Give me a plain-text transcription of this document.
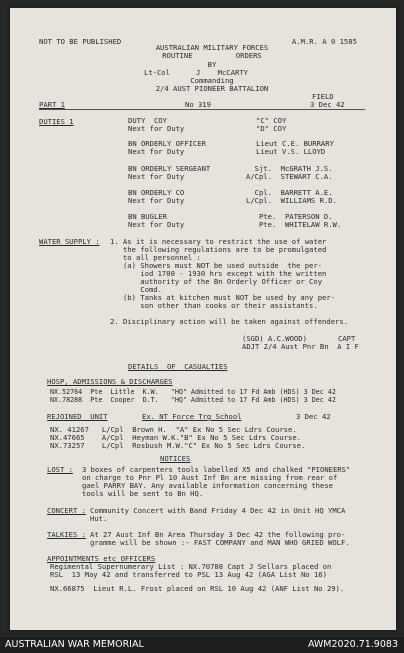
NOT TO BE PUBLISHED	A.M.R. A 0 1585
AUSTRALIAN MILITARY FORCES
ROUTINE          ORDERS
BY
Lt-Col	J    McCARTY
Commanding
2/4 AUST PIONEER BATTALION
FIELD
PART 1	No 319	3 Dec 42
DUTIES 1	DUTY  COY	"C" COY
Next for Duty	"D" COY
BN ORDERLY OFFICER	Lieut C.E. BURRARY
Next for Duty	Lieut V.S. LLOYD
BN ORDERLY SERGEANT	Sjt.  McGRATH J.S.
Next for Duty	A/Cpl.  STEWART C.A.
BN ORDERLY CO	Cpl.  BARRETT A.E.
Next for Duty	L/Cpl.  WILLIAMS R.D.
BN BUGLER	Pte.  PATERSON D.
Next for Duty	Pte.  WHITELAW R.W.
WATER SUPPLY : 1. As it is necessary to restrict the use of water
the following regulations are to be promulgated
to all personnel :
(a) Showers must NOT be used outside  the per-
iod 1700 - 1930 hrs except with the written
authority of the Bn Orderly Officer or Coy
Comd.
(b) Tanks at kitchen must NOT be used by any per-
son other than cooks or their assistants.
2. Disciplinary action will be taken against offenders.
(SGD) A.C.WOOD)	CAPT
ADJT 2/4 Aust Pnr Bn  A I F
DETAILS  OF  CASUALTIES
HOSP, ADMISSIONS & DISCHARGES
NX.52764  Pte  Little  K.W.   "HQ" Admitted to 17 Fd Amb (HDS) 3 Dec 42
NX.78288  Pte  Cooper  D.T.   "HQ" Admitted to 17 Fd Amb (HDS) 3 Dec 42
REJOINED  UNIT	Ex. NT Force Trg School	3 Dec 42
NX. 41267   L/Cpl  Brown H.  "A" Ex No 5 Sec Ldrs Course.
NX.47665    A/Cpl  Heyman W.K."B" Ex No 5 Sec Ldrs Course.
NX.73257    L/Cpl  Rosbush M.W."C" Ex No 5 Sec Ldrs Course.
NOTICES
LOST : 3 boxes of carpenters tools labelled X5 and chalked "PIONEERS"
on charge to Pnr Pl 10 Aust Inf Bn are missing from rear of
gael PARRY BAY. Any available information concerning these
tools will be sent to Bn HQ.
CONCERT : Community Concert with Band Friday 4 Dec 42 in Unit HQ YMCA
Hut.
TALKIES : At 27 Aust Inf Bn Area Thursday 3 Dec 42 the following pro-
gramme will be shown :- FAST COMPANY and MAN WHO GRIED WOLF.
APPOINTMENTS etc OFFICERS
Regimental Supernumerary List : NX.70788 Capt J Sellars placed on
RSL  13 May 42 and transferred to PSL 13 Aug 42 (AGA List No 16)
NX.66875  Lieut R.L. Frost placed on RSL 10 Aug 42 (ANF List No 29).
AUSTRALIAN WAR MEMORIAL	AWM2020.71.9083
